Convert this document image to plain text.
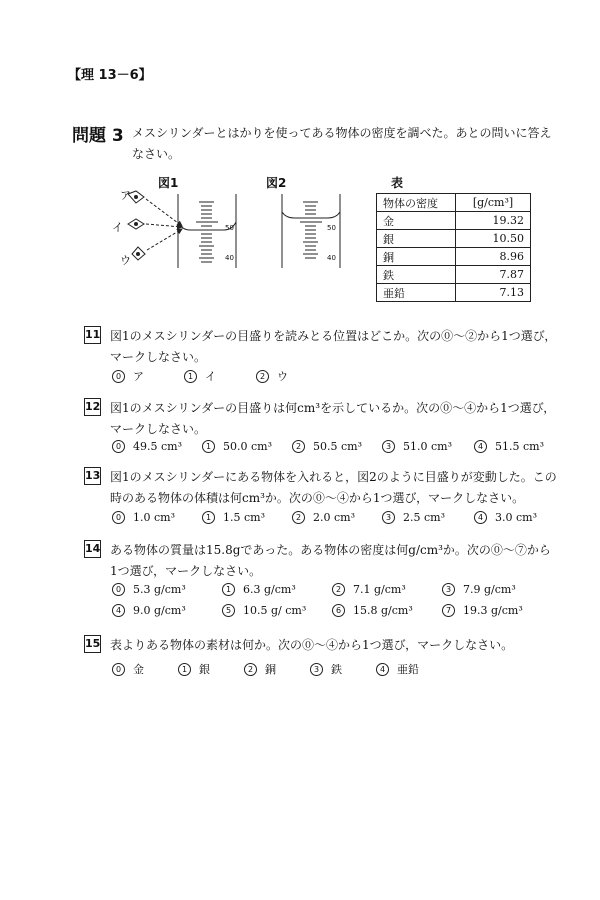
【理 13－6】
問題 3 メスシリンダーとはかりを使ってある物体の密度を調べた。あとの問いに答えなさい。
図1	図2	表
ア
イ
ウ
50
40
50
40
物体の密度	[g/cm³]
金	19.32
銀	10.50
銅	8.96
鉄	7.87
亜鉛	7.13
11 図1のメスシリンダーの目盛りを読みとる位置はどこか。次の⓪～②から1つ選び，マークしなさい。
0 ア	1 イ	2 ウ
12 図1のメスシリンダーの目盛りは何cm³を示しているか。次の⓪～④から1つ選び，マークしなさい。
0 49.5 cm³	1 50.0 cm³	2 50.5 cm³	3 51.0 cm³	4 51.5 cm³
13 図1のメスシリンダーにある物体を入れると，図2のように目盛りが変動した。この時のある物体の体積は何cm³か。次の⓪～④から1つ選び，マークしなさい。
0 1.0 cm³	1 1.5 cm³	2 2.0 cm³	3 2.5 cm³	4 3.0 cm³
14 ある物体の質量は15.8gであった。ある物体の密度は何g/cm³か。次の⓪～⑦から1つ選び，マークしなさい。
0 5.3 g/cm³	1 6.3 g/cm³	2 7.1 g/cm³	3 7.9 g/cm³
4 9.0 g/cm³	5 10.5 g/ cm³	6 15.8 g/cm³	7 19.3 g/cm³
15 表よりある物体の素材は何か。次の⓪～④から1つ選び，マークしなさい。
0 金	1 銀	2 銅	3 鉄	4 亜鉛
